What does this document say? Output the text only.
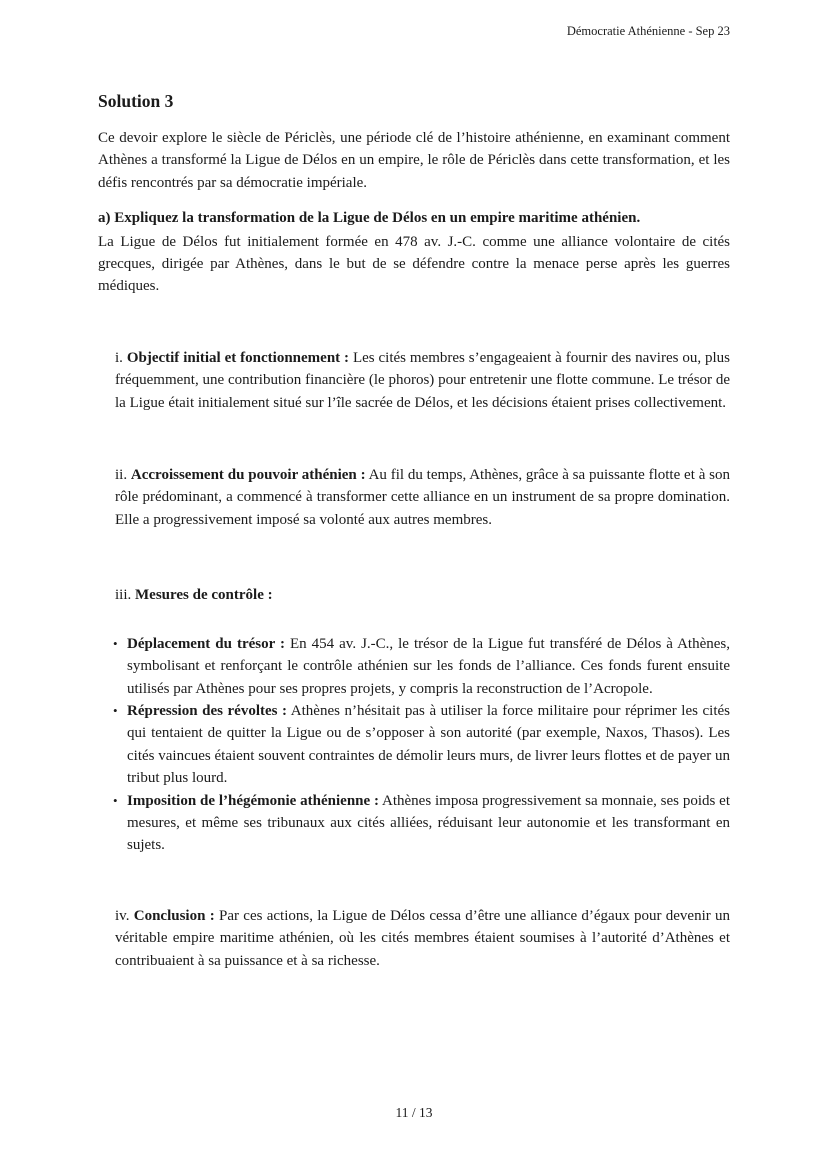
Démocratie Athénienne - Sep 23
Solution 3

Ce devoir explore le siècle de Périclès, une période clé de l’histoire athénienne, en examinant comment Athènes a transformé la Ligue de Délos en un empire, le rôle de Périclès dans cette transformation, et les défis rencontrés par sa démocratie impériale.

a) Expliquez la transformation de la Ligue de Délos en un empire maritime athénien.

La Ligue de Délos fut initialement formée en 478 av. J.-C. comme une alliance volontaire de cités grecques, dirigée par Athènes, dans le but de se défendre contre la menace perse après les guerres médiques.

i. Objectif initial et fonctionnement : Les cités membres s’engageaient à fournir des navires ou, plus fréquemment, une contribution financière (le phoros) pour entretenir une flotte commune. Le trésor de la Ligue était initialement situé sur l’île sacrée de Délos, et les décisions étaient prises collectivement.

ii. Accroissement du pouvoir athénien : Au fil du temps, Athènes, grâce à sa puissante flotte et à son rôle prédominant, a commencé à transformer cette alliance en un instrument de sa propre domination. Elle a progressivement imposé sa volonté aux autres membres.

iii. Mesures de contrôle :

• Déplacement du trésor : En 454 av. J.-C., le trésor de la Ligue fut transféré de Délos à Athènes, symbolisant et renforçant le contrôle athénien sur les fonds de l’alliance. Ces fonds furent ensuite utilisés par Athènes pour ses propres projets, y compris la reconstruction de l’Acropole.
• Répression des révoltes : Athènes n’hésitait pas à utiliser la force militaire pour réprimer les cités qui tentaient de quitter la Ligue ou de s’opposer à son autorité (par exemple, Naxos, Thasos). Les cités vaincues étaient souvent contraintes de démolir leurs murs, de livrer leurs flottes et de payer un tribut plus lourd.
• Imposition de l’hégémonie athénienne : Athènes imposa progressivement sa monnaie, ses poids et mesures, et même ses tribunaux aux cités alliées, réduisant leur autonomie et les transformant en sujets.

iv. Conclusion : Par ces actions, la Ligue de Délos cessa d’être une alliance d’égaux pour devenir un véritable empire maritime athénien, où les cités membres étaient soumises à l’autorité d’Athènes et contribuaient à sa puissance et à sa richesse.

11 / 13
